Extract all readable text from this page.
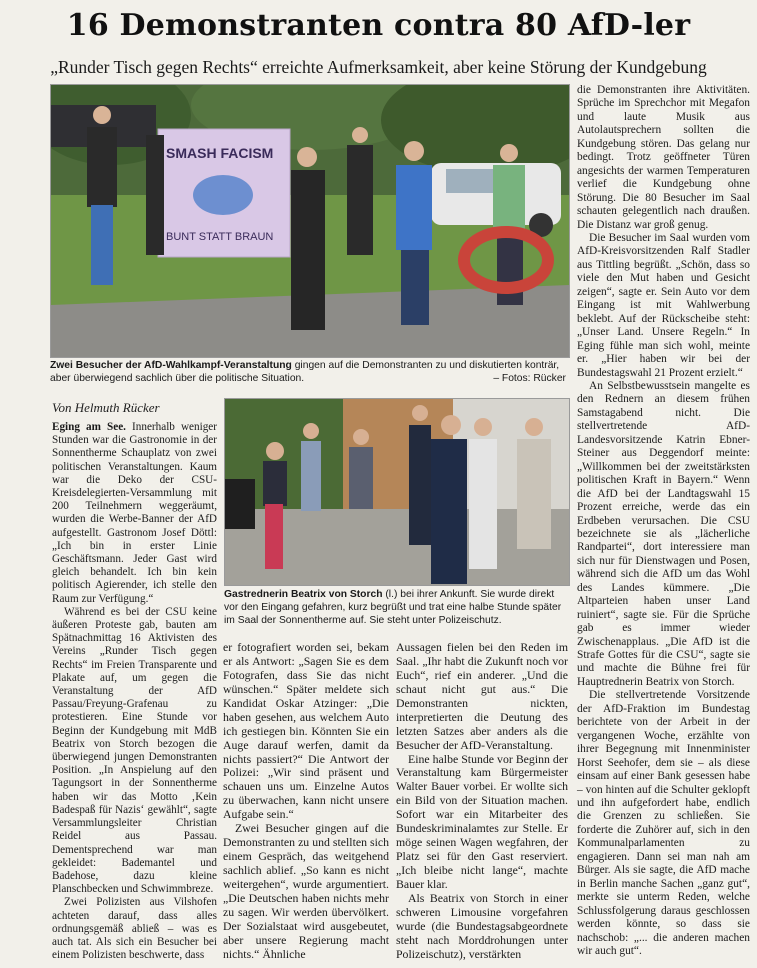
16 Demonstranten contra 80 AfD-ler
„Runder Tisch gegen Rechts“ erreichte Aufmerksamkeit, aber keine Störung der Kundgebung
SMASH FACISM
BUNT STATT BRAUN
Zwei Besucher der AfD-Wahlkampf-Veranstaltung gingen auf die Demonstranten zu und diskutierten konträr, aber überwiegend sachlich über die politische Situation.	– Fotos: Rücker
Von Helmuth Rücker
Gastrednerin Beatrix von Storch (l.) bei ihrer Ankunft. Sie wurde direkt vor den Eingang gefahren, kurz begrüßt und trat eine halbe Stunde später im Saal der Sonnentherme auf. Sie steht unter Polizeischutz.

Eging am See. Innerhalb weniger Stunden war die Gastronomie in der Sonnentherme Schauplatz von zwei politischen Veranstaltungen. Kaum war die Deko der CSU-Kreisdelegierten-Versammlung mit 200 Teilnehmern weggeräumt, wurden die Werbe-Banner der AfD aufgestellt. Gastronom Josef Döttl: „Ich bin in erster Linie Geschäftsmann. Jeder Gast wird gleich behandelt. Ich bin kein politisch Agierender, ich stelle den Raum zur Verfügung.“

Während es bei der CSU keine äußeren Proteste gab, bauten am Spätnachmittag 16 Aktivisten des Vereins „Runder Tisch gegen Rechts“ im Freien Transparente und Plakate auf, um gegen die Veranstaltung der AfD Passau/Freyung-Grafenau zu protestieren. Eine Stunde vor Beginn der Kundgebung mit MdB Beatrix von Storch bezogen die überwiegend jungen Demonstranten Position. „In Anspielung auf den Tagungsort in der Sonnentherme haben wir das Motto ‚Kein Badespaß für Nazis‘ gewählt“, sagte Versammlungsleiter Christian Reidel aus Passau. Dementsprechend war man gekleidet: Bademantel und Badehose, dazu kleine Planschbecken und Schwimmbreze.

Zwei Polizisten aus Vilshofen achteten darauf, dass alles ordnungsgemäß abließ – was es auch tat. Als sich ein Besucher bei einem Polizisten beschwerte, dass

er fotografiert worden sei, bekam er als Antwort: „Sagen Sie es dem Fotografen, dass Sie das nicht wünschen.“ Später meldete sich Kandidat Oskar Atzinger: „Die haben gesehen, aus welchem Auto ich gestiegen bin. Könnten Sie ein Auge darauf werfen, damit da nichts passiert?“ Die Antwort der Polizei: „Wir sind präsent und schauen uns um. Einzelne Autos zu überwachen, kann nicht unsere Aufgabe sein.“

Zwei Besucher gingen auf die Demonstranten zu und stellten sich einem Gespräch, das weitgehend sachlich ablief. „So kann es nicht weitergehen“, wurde argumentiert. „Die Deutschen haben nichts mehr zu sagen. Wir werden übervölkert. Der Sozialstaat wird ausgebeutet, aber unsere Regierung macht nichts.“ Ähnliche

Aussagen fielen bei den Reden im Saal. „Ihr habt die Zukunft noch vor Euch“, rief ein anderer. „Und die schaut nicht gut aus.“ Die Demonstranten nickten, interpretierten die Deutung des letzten Satzes aber anders als die Besucher der AfD-Veranstaltung.

Eine halbe Stunde vor Beginn der Veranstaltung kam Bürgermeister Walter Bauer vorbei. Er wollte sich ein Bild von der Situation machen. Sofort war ein Mitarbeiter des Bundeskriminalamtes zur Stelle. Er möge seinen Wagen wegfahren, der Platz sei für den Gast reserviert. „Ich bleibe nicht lange“, machte Bauer klar.

Als Beatrix von Storch in einer schweren Limousine vorgefahren wurde (die Bundestagsabgeordnete steht nach Morddrohungen unter Polizeischutz), verstärkten

die Demonstranten ihre Aktivitäten. Sprüche im Sprechchor mit Megafon und laute Musik aus Autolautsprechern sollten die Kundgebung stören. Das gelang nur bedingt. Trotz geöffneter Türen angesichts der warmen Temperaturen verlief die Kundgebung ohne Störung. Die 80 Besucher im Saal schauten gelegentlich nach draußen. Die Distanz war groß genug.

Die Besucher im Saal wurden vom AfD-Kreisvorsitzenden Ralf Stadler aus Tittling begrüßt. „Schön, dass so viele den Mut haben und Gesicht zeigen“, sagte er. Sein Auto vor dem Eingang ist mit Wahlwerbung beklebt. Auf der Rückscheibe steht: „Unser Land. Unsere Regeln.“ In Eging fühle man sich wohl, meinte er. „Hier haben wir bei der Bundestagswahl 21 Prozent erzielt.“

An Selbstbewusstsein mangelte es den Rednern an diesem frühen Samstagabend nicht. Die stellvertretende AfD-Landesvorsitzende Katrin Ebner-Steiner aus Deggendorf meinte: „Willkommen bei der zweitstärksten politischen Kraft in Bayern.“ Wenn die AfD bei der Landtagswahl 15 Prozent erreiche, werde das ein Erdbeben verursachen. Die CSU bezeichnete sie als „lächerliche Randpartei“, dort interessiere man sich nur für Dienstwagen und Posen, während sich die AfD um das Wohl des Landes kümmere. „Die Altparteien haben unser Land ruiniert“, sagte sie. Für die Sprüche gab es immer wieder Zwischenapplaus. „Die AfD ist die Strafe Gottes für die CSU“, sagte sie und machte die Bühne frei für Hauptrednerin Beatrix von Storch.

Die stellvertretende Vorsitzende der AfD-Fraktion im Bundestag berichtete von der Arbeit in der vergangenen Woche, erzählte von ihrer Begegnung mit Innenminister Horst Seehofer, dem sie – als diese einsam auf einer Bank gesessen habe – von hinten auf die Schulter geklopft und ihn aufgefordert habe, endlich die Grenzen zu schließen. Sie forderte die Zuhörer auf, sich in den Kommunalparlamenten zu engagieren. Dann sei man nah am Bürger. Als sie sagte, die AfD mache in Berlin manche Sachen „ganz gut“, merkte sie unterm Reden, welche Schlussfolgerung daraus geschlossen werden könnte, so dass sie nachschob: „... die anderen machen wir auch gut“.
